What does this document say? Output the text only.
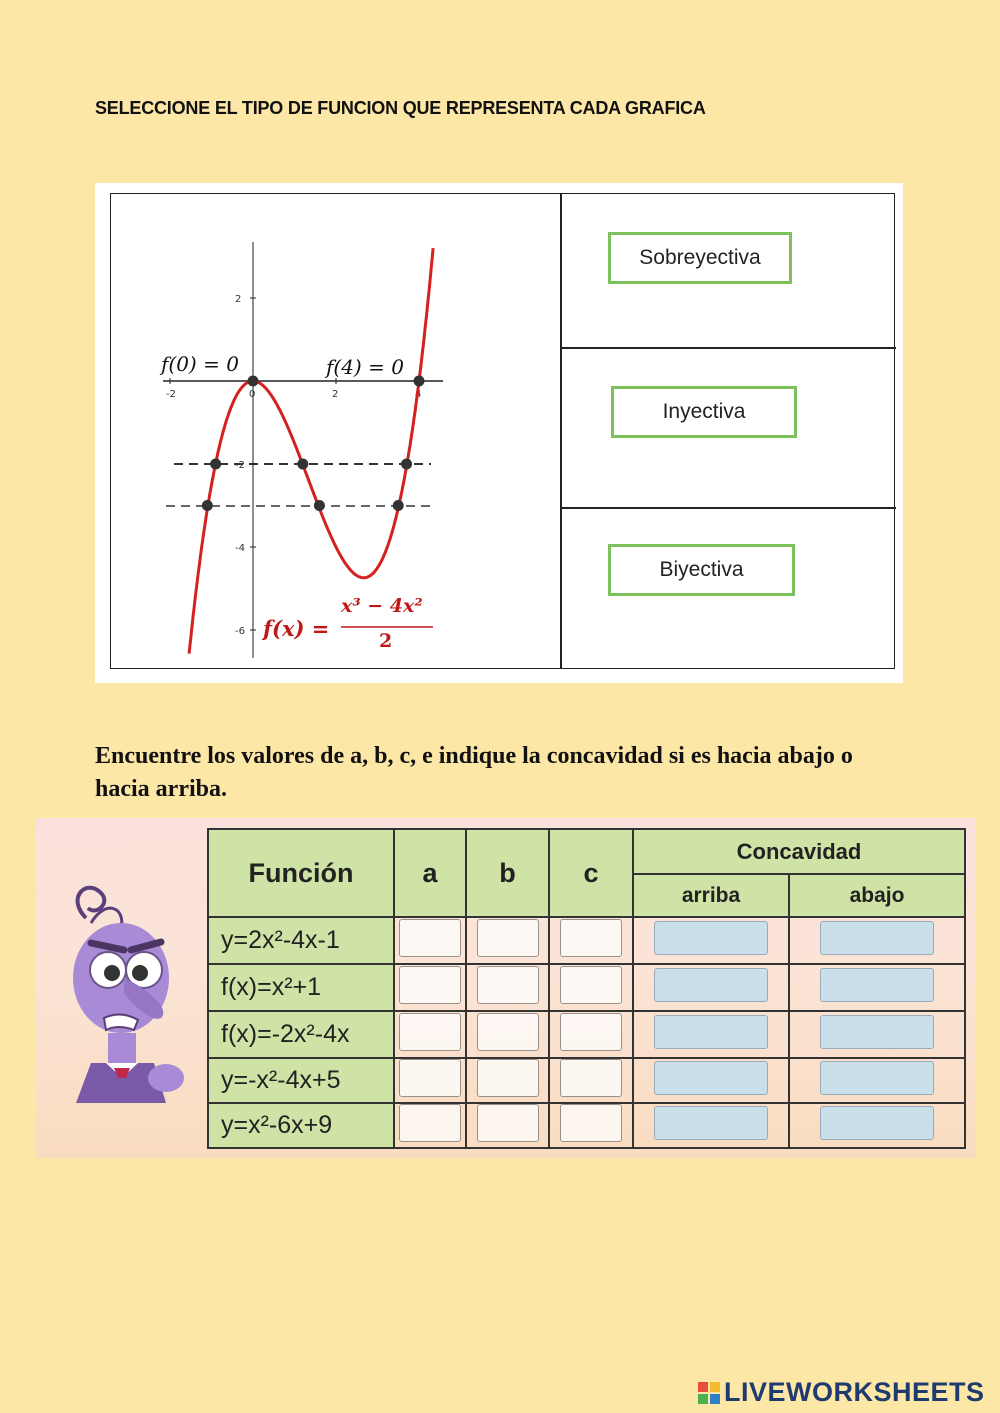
SELECCIONE EL TIPO DE FUNCION QUE REPRESENTA CADA GRAFICA
-2	0	2	4
2
-2
-4
-6
f(0) = 0	f(4) = 0
f(x) =
x³ − 4x²
2
Sobreyectiva
Inyectiva
Biyectiva
Encuentre los valores de a, b, c, e indique la concavidad si es hacia abajo o hacia arriba.
Función	a	b	c	Concavidad	
				arriba	abajo
y=2x²-4x-1					
f(x)=x²+1					
f(x)=-2x²-4x					
y=-x²-4x+5					
y=x²-6x+9					
LIVEWORKSHEETS
